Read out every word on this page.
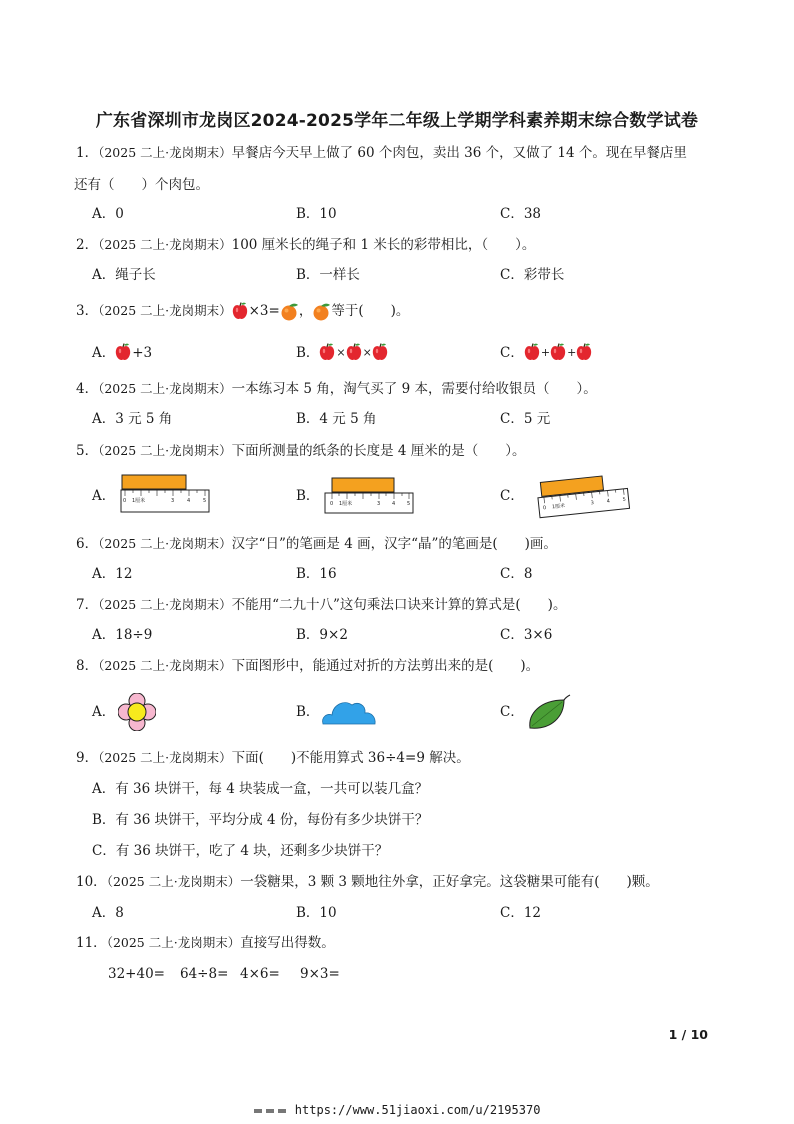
广东省深圳市龙岗区2024-2025学年二年级上学期学科素养期末综合数学试卷
1．（2025 二上·龙岗期末）早餐店今天早上做了 60 个肉包，卖出 36 个，又做了 14 个。现在早餐店里
还有（　　）个肉包。
A．0	B．10	C．38
2．（2025 二上·龙岗期末）100 厘米长的绳子和 1 米长的彩带相比，（　　）。
A．绳子长	B．一样长	C．彩带长
3．（2025 二上·龙岗期末） ×3= ， 等于(　　)。
A． +3	B． × ×	C． + +
4．（2025 二上·龙岗期末）一本练习本 5 角，淘气买了 9 本，需要付给收银员（　　）。
A．3 元 5 角	B．4 元 5 角	C．5 元
5．（2025 二上·龙岗期末）下面所测量的纸条的长度是 4 厘米的是（　　）。
A． 0 1厘米	3	4	5	B． 0 1厘米	3 4 5	C．
0 1厘米	3 4 5
6．（2025 二上·龙岗期末）汉字“日”的笔画是 4 画，汉字“晶”的笔画是(　　)画。
A．12	B．16	C．8
7．（2025 二上·龙岗期末）不能用“二九十八”这句乘法口诀来计算的算式是(　　)。
A．18÷9	B．9×2	C．3×6
8．（2025 二上·龙岗期末）下面图形中，能通过对折的方法剪出来的是(　　)。
A．	B．	C．
9．（2025 二上·龙岗期末）下面(　　)不能用算式 36÷4=9 解决。
A．有 36 块饼干，每 4 块装成一盒，一共可以装几盒？
B．有 36 块饼干，平均分成 4 份，每份有多少块饼干？
C．有 36 块饼干，吃了 4 块，还剩多少块饼干？
10．（2025 二上·龙岗期末）一袋糖果，3 颗 3 颗地往外拿，正好拿完。这袋糖果可能有(　　)颗。
A．8	B．10	C．12
11．（2025 二上·龙岗期末）直接写出得数。
32+40= 64÷8= 4×6= 9×3=
1 / 10
https://www.51jiaoxi.com/u/2195370
